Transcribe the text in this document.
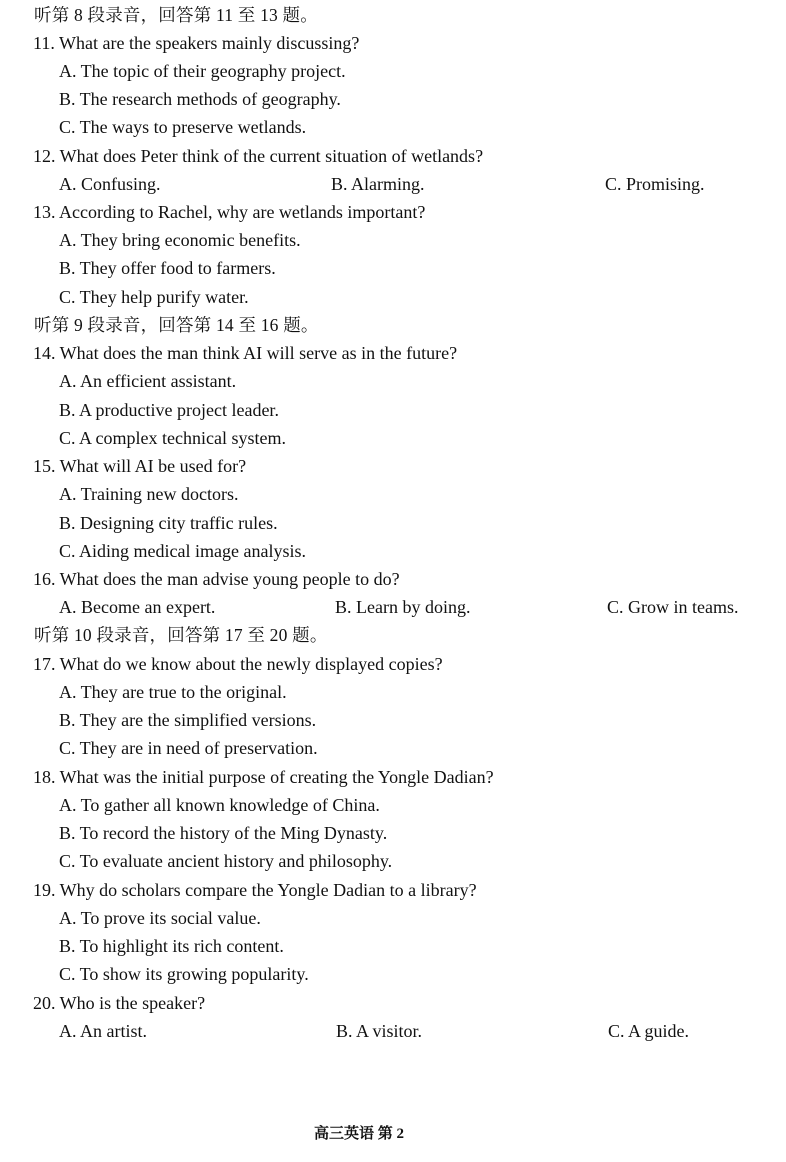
听第 8 段录音，回答第 11 至 13 题。
11. What are the speakers mainly discussing?
A. The topic of their geography project.
B. The research methods of geography.
C. The ways to preserve wetlands.
12. What does Peter think of the current situation of wetlands?
A. Confusing.	B. Alarming.	C. Promising.
13. According to Rachel, why are wetlands important?
A. They bring economic benefits.
B. They offer food to farmers.
C. They help purify water.
听第 9 段录音，回答第 14 至 16 题。
14. What does the man think AI will serve as in the future?
A. An efficient assistant.
B. A productive project leader.
C. A complex technical system.
15. What will AI be used for?
A. Training new doctors.
B. Designing city traffic rules.
C. Aiding medical image analysis.
16. What does the man advise young people to do?
A. Become an expert.	B. Learn by doing.	C. Grow in teams.
听第 10 段录音，回答第 17 至 20 题。
17. What do we know about the newly displayed copies?
A. They are true to the original.
B. They are the simplified versions.
C. They are in need of preservation.
18. What was the initial purpose of creating the Yongle Dadian?
A. To gather all known knowledge of China.
B. To record the history of the Ming Dynasty.
C. To evaluate ancient history and philosophy.
19. Why do scholars compare the Yongle Dadian to a library?
A. To prove its social value.
B. To highlight its rich content.
C. To show its growing popularity.
20. Who is the speaker?
A. An artist.	B. A visitor.	C. A guide.
高三英语 第 2
